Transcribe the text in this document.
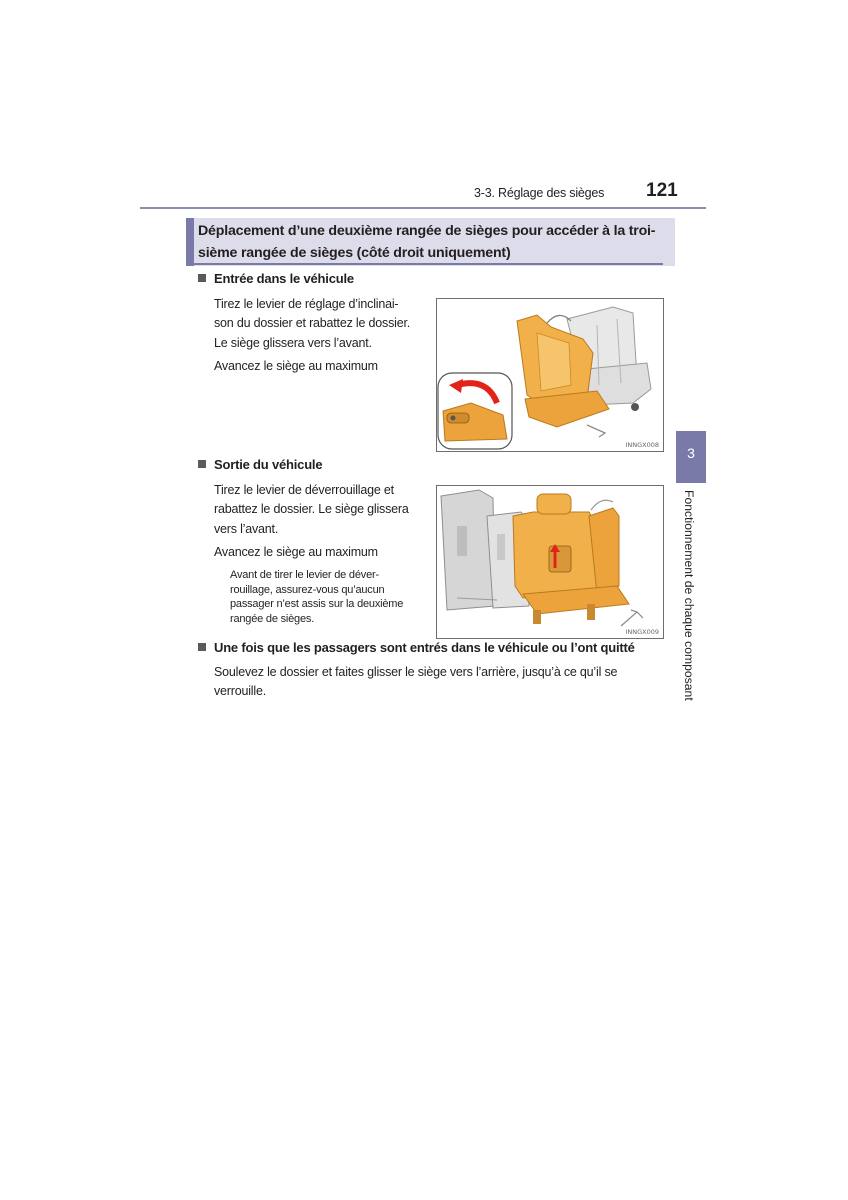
3-3. Réglage des sièges 121
Déplacement d’une deuxième rangée de sièges pour accéder à la troi-
sième rangée de sièges (côté droit uniquement)
Entrée dans le véhicule
Tirez le levier de réglage d’inclinai-
son du dossier et rabattez le dossier.
Le siège glissera vers l’avant.
Avancez le siège au maximum
INNGX008
Sortie du véhicule
Tirez le levier de déverrouillage et
rabattez le dossier. Le siège glissera
vers l’avant.
Avancez le siège au maximum
Avant de tirer le levier de déver-
rouillage, assurez-vous qu’aucun
passager n’est assis sur la deuxième
rangée de sièges.
INNGX009
Une fois que les passagers sont entrés dans le véhicule ou l’ont quitté
Soulevez le dossier et faites glisser le siège vers l’arrière, jusqu’à ce qu’il se
verrouille.
3
Fonctionnement de chaque composant
